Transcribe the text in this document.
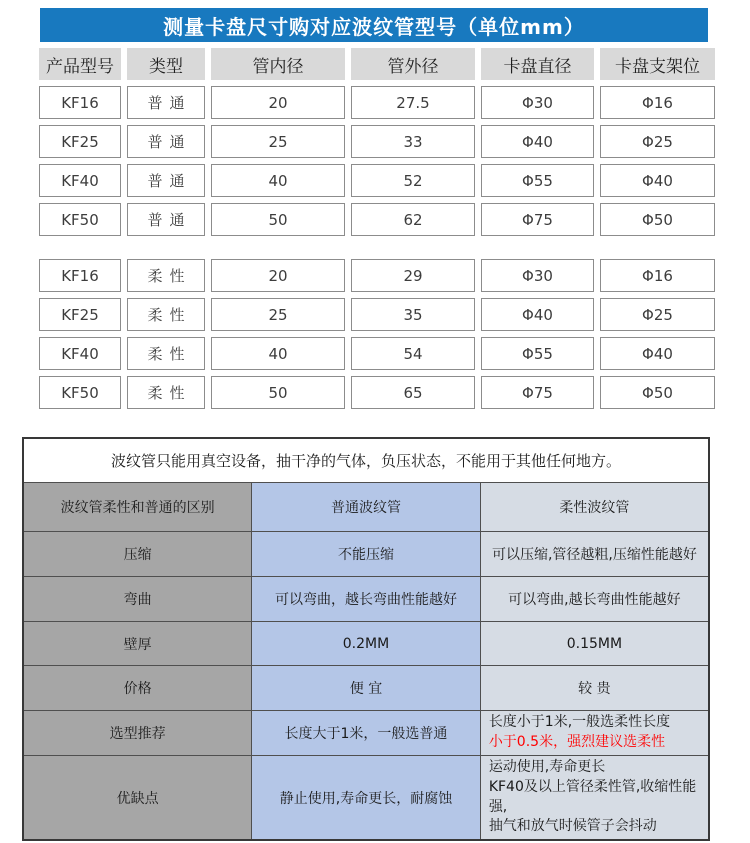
测量卡盘尺寸购对应波纹管型号（单位mm）
产品型号	类型	管内径	管外径	卡盘直径	卡盘支架位
KF16	普通	20	27.5	Φ30	Φ16
KF25	普通	25	33	Φ40	Φ25
KF40	普通	40	52	Φ55	Φ40
KF50	普通	50	62	Φ75	Φ50
KF16	柔性	20	29	Φ30	Φ16
KF25	柔性	25	35	Φ40	Φ25
KF40	柔性	40	54	Φ55	Φ40
KF50	柔性	50	65	Φ75	Φ50
波纹管只能用真空设备，抽干净的气体，负压状态，不能用于其他任何地方。		
波纹管柔性和普通的区别	普通波纹管	柔性波纹管
压缩	不能压缩	可以压缩,管径越粗,压缩性能越好
弯曲	可以弯曲，越长弯曲性能越好	可以弯曲,越长弯曲性能越好
壁厚	0.2MM	0.15MM
价格	便 宜	较 贵
选型推荐	长度大于1米，一般选普通	长度小于1米,一般选柔性长度
小于0.5米，强烈建议选柔性

优缺点	静止使用,寿命更长，耐腐蚀	运动使用,寿命更长
KF40及以上管径柔性管,收缩性能强,
抽气和放气时候管子会抖动
